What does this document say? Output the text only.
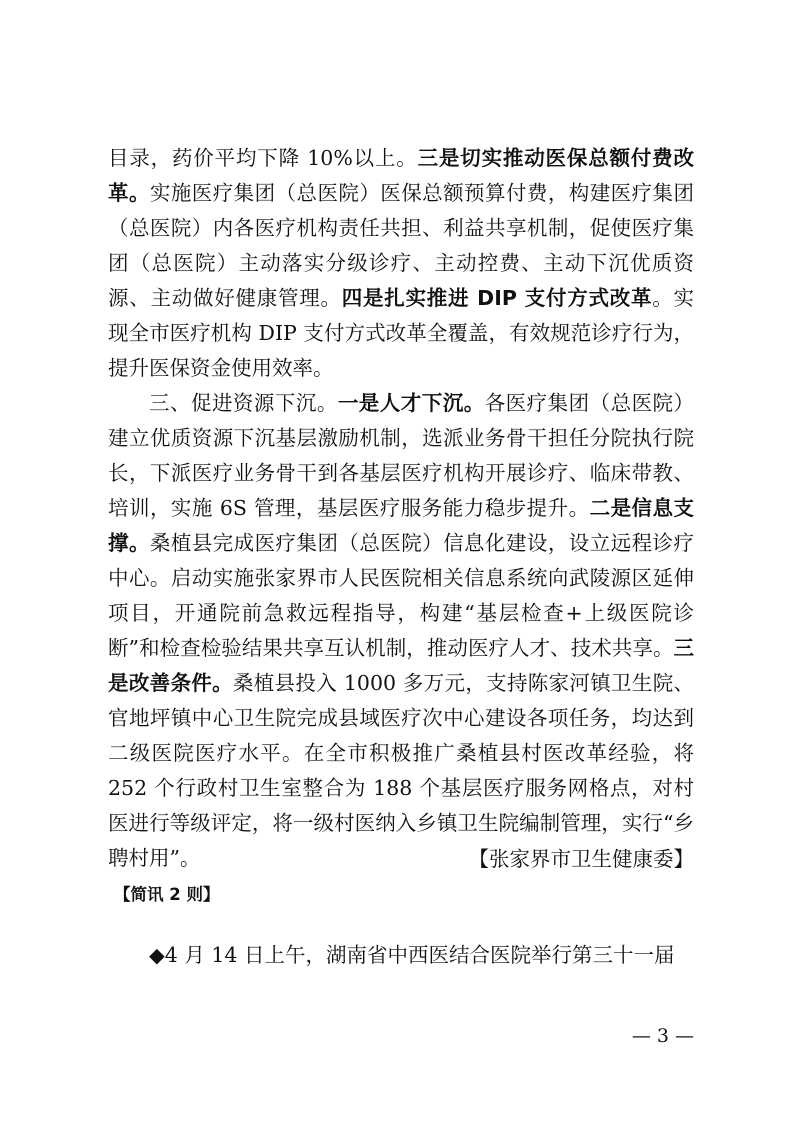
目录，药价平均下降 10%以上。三是切实推动医保总额付费改革。实施医疗集团（总医院）医保总额预算付费，构建医疗集团（总医院）内各医疗机构责任共担、利益共享机制，促使医疗集团（总医院）主动落实分级诊疗、主动控费、主动下沉优质资源、主动做好健康管理。四是扎实推进 DIP 支付方式改革。实现全市医疗机构 DIP 支付方式改革全覆盖，有效规范诊疗行为，提升医保资金使用效率。

三、促进资源下沉。一是人才下沉。各医疗集团（总医院）建立优质资源下沉基层激励机制，选派业务骨干担任分院执行院长，下派医疗业务骨干到各基层医疗机构开展诊疗、临床带教、培训，实施 6S 管理，基层医疗服务能力稳步提升。二是信息支撑。桑植县完成医疗集团（总医院）信息化建设，设立远程诊疗中心。启动实施张家界市人民医院相关信息系统向武陵源区延伸项目，开通院前急救远程指导，构建“基层检查+上级医院诊断”和检查检验结果共享互认机制，推动医疗人才、技术共享。三是改善条件。桑植县投入 1000 多万元，支持陈家河镇卫生院、官地坪镇中心卫生院完成县域医疗次中心建设各项任务，均达到二级医院医疗水平。在全市积极推广桑植县村医改革经验，将 252 个行政村卫生室整合为 188 个基层医疗服务网格点，对村医进行等级评定，将一级村医纳入乡镇卫生院编制管理，实行“乡聘村用”。	【张家界市卫生健康委】
【简讯 2 则】
◆4 月 14 日上午，湖南省中西医结合医院举行第三十一届
— 3 —
